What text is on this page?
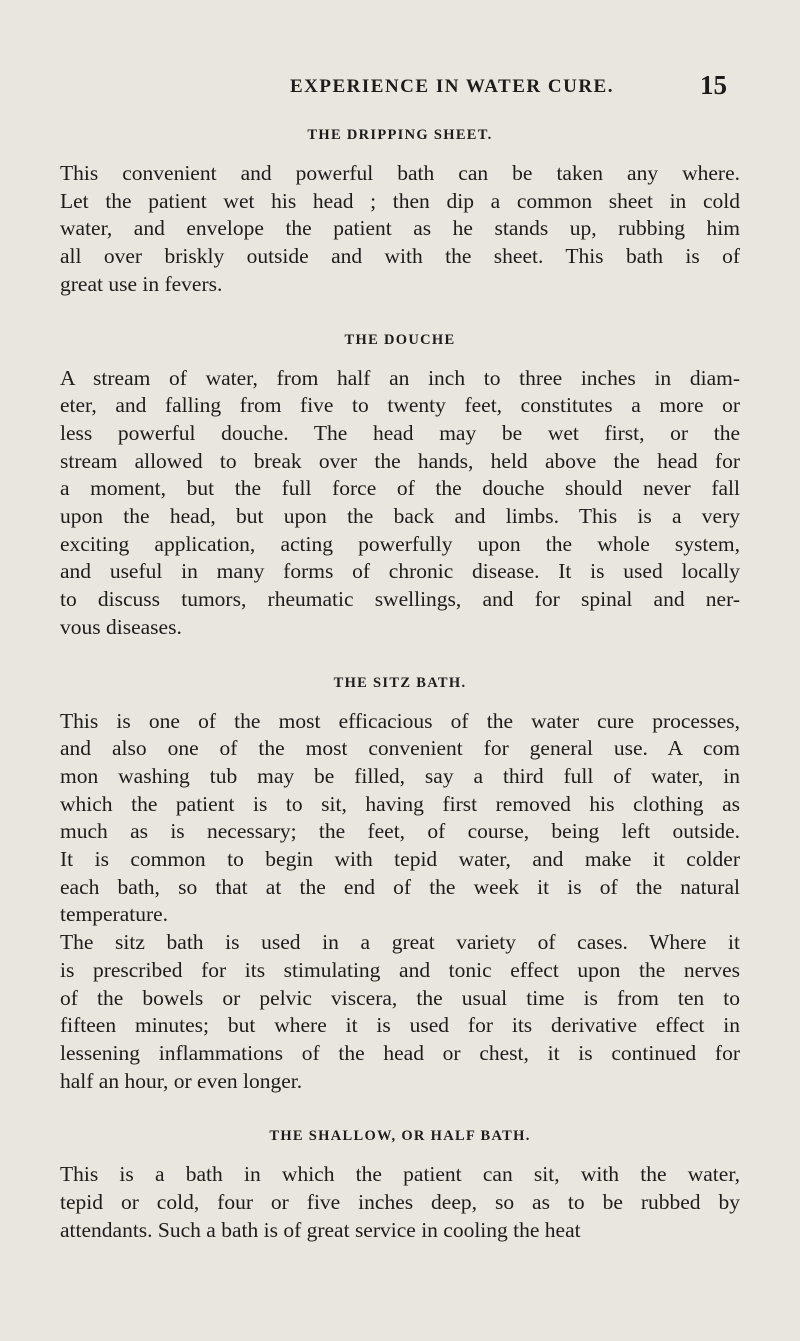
EXPERIENCE IN WATER CURE.	15
THE DRIPPING SHEET.

This convenient and powerful bath can be taken any where.
Let the patient wet his head ; then dip a common sheet in cold
water, and envelope the patient as he stands up, rubbing him
all over briskly outside and with the sheet. This bath is of
great use in fevers.

THE DOUCHE

A stream of water, from half an inch to three inches in diam-
eter, and falling from five to twenty feet, constitutes a more or
less powerful douche. The head may be wet first, or the
stream allowed to break over the hands, held above the head for
a moment, but the full force of the douche should never fall
upon the head, but upon the back and limbs. This is a very
exciting application, acting powerfully upon the whole system,
and useful in many forms of chronic disease. It is used locally
to discuss tumors, rheumatic swellings, and for spinal and ner-
vous diseases.

THE SITZ BATH.

This is one of the most efficacious of the water cure processes,
and also one of the most convenient for general use. A com
mon washing tub may be filled, say a third full of water, in
which the patient is to sit, having first removed his clothing as
much as is necessary; the feet, of course, being left outside.
It is common to begin with tepid water, and make it colder
each bath, so that at the end of the week it is of the natural
temperature.

The sitz bath is used in a great variety of cases. Where it
is prescribed for its stimulating and tonic effect upon the nerves
of the bowels or pelvic viscera, the usual time is from ten to
fifteen minutes; but where it is used for its derivative effect in
lessening inflammations of the head or chest, it is continued for
half an hour, or even longer.

THE SHALLOW, OR HALF BATH.

This is a bath in which the patient can sit, with the water,
tepid or cold, four or five inches deep, so as to be rubbed by
attendants. Such a bath is of great service in cooling the heat
